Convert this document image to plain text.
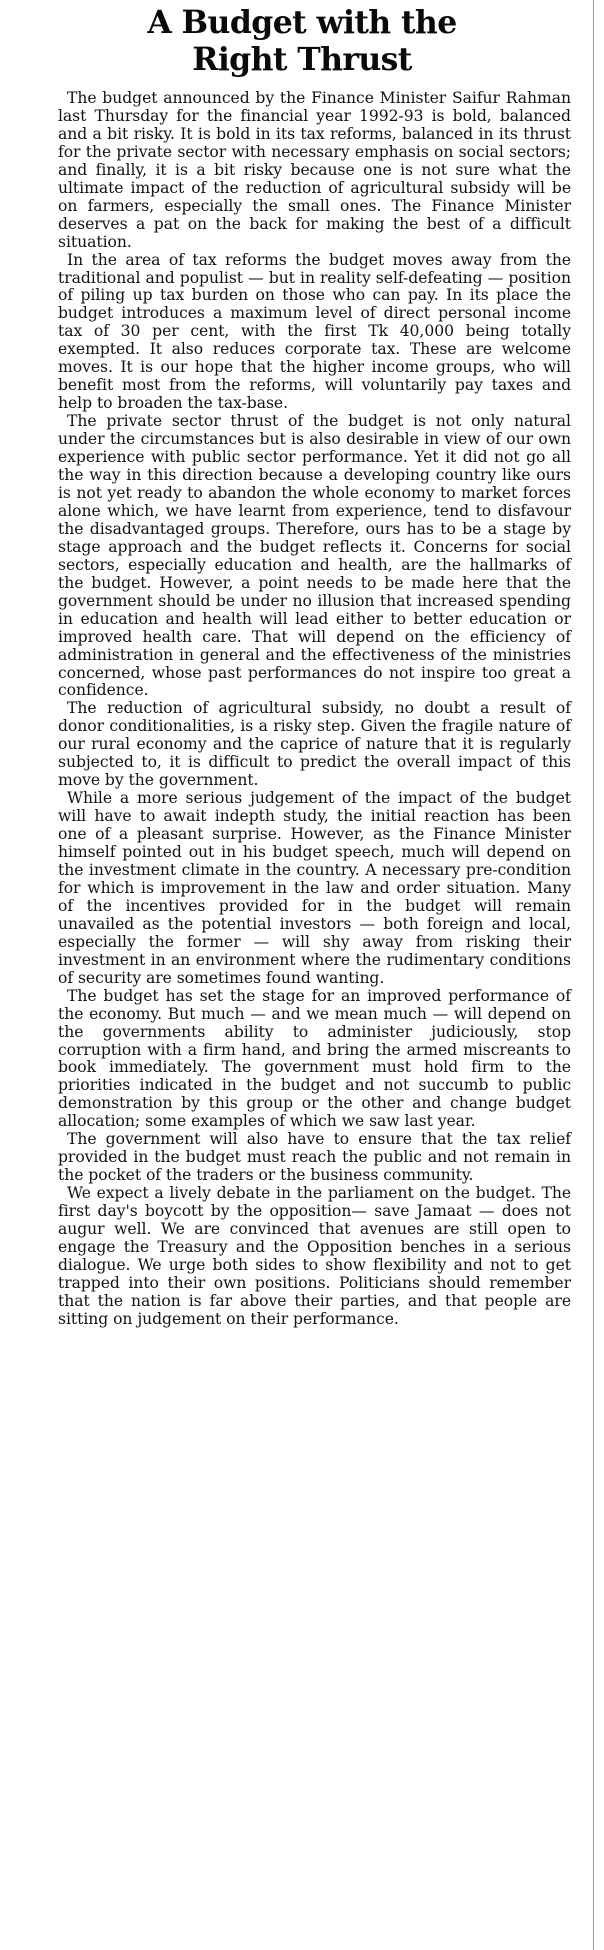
A Budget with the
Right Thrust

The budget announced by the Finance Minister Saifur Rahman last Thursday for the financial year 1992-93 is bold, balanced and a bit risky. It is bold in its tax reforms, balanced in its thrust for the private sector with necessary emphasis on social sectors; and finally, it is a bit risky because one is not sure what the ultimate impact of the reduction of agricultural subsidy will be on farmers, especially the small ones. The Finance Minister deserves a pat on the back for making the best of a difficult situation.

In the area of tax reforms the budget moves away from the traditional and populist — but in reality self-defeating — position of piling up tax burden on those who can pay. In its place the budget introduces a maximum level of direct personal income tax of 30 per cent, with the first Tk 40,000 being totally exempted. It also reduces corporate tax. These are welcome moves. It is our hope that the higher income groups, who will benefit most from the reforms, will voluntarily pay taxes and help to broaden the tax-base.

The private sector thrust of the budget is not only natural under the circumstances but is also desirable in view of our own experience with public sector performance. Yet it did not go all the way in this direction because a developing country like ours is not yet ready to abandon the whole economy to market forces alone which, we have learnt from experience, tend to disfavour the disadvantaged groups. Therefore, ours has to be a stage by stage approach and the budget reflects it. Concerns for social sectors, especially education and health, are the hallmarks of the budget. However, a point needs to be made here that the government should be under no illusion that increased spending in education and health will lead either to better education or improved health care. That will depend on the efficiency of administration in general and the effectiveness of the ministries concerned, whose past performances do not inspire too great a confidence.

The reduction of agricultural subsidy, no doubt a result of donor conditionalities, is a risky step. Given the fragile nature of our rural economy and the caprice of nature that it is regularly subjected to, it is difficult to predict the overall impact of this move by the government.

While a more serious judgement of the impact of the budget will have to await indepth study, the initial reaction has been one of a pleasant surprise. However, as the Finance Minister himself pointed out in his budget speech, much will depend on the investment climate in the country. A necessary pre-condition for which is improvement in the law and order situation. Many of the incentives provided for in the budget will remain unavailed as the potential investors — both foreign and local, especially the former — will shy away from risking their investment in an environment where the rudimentary conditions of security are sometimes found wanting.

The budget has set the stage for an improved performance of the economy. But much — and we mean much — will depend on the governments ability to administer judiciously, stop corruption with a firm hand, and bring the armed miscreants to book immediately. The government must hold firm to the priorities indicated in the budget and not succumb to public demonstration by this group or the other and change budget allocation; some examples of which we saw last year.

The government will also have to ensure that the tax relief provided in the budget must reach the public and not remain in the pocket of the traders or the business community.

We expect a lively debate in the parliament on the budget. The first day's boycott by the opposition— save Jamaat — does not augur well. We are convinced that avenues are still open to engage the Treasury and the Opposition benches in a serious dialogue. We urge both sides to show flexibility and not to get trapped into their own positions. Politicians should remember that the nation is far above their parties, and that people are sitting on judgement on their performance.
